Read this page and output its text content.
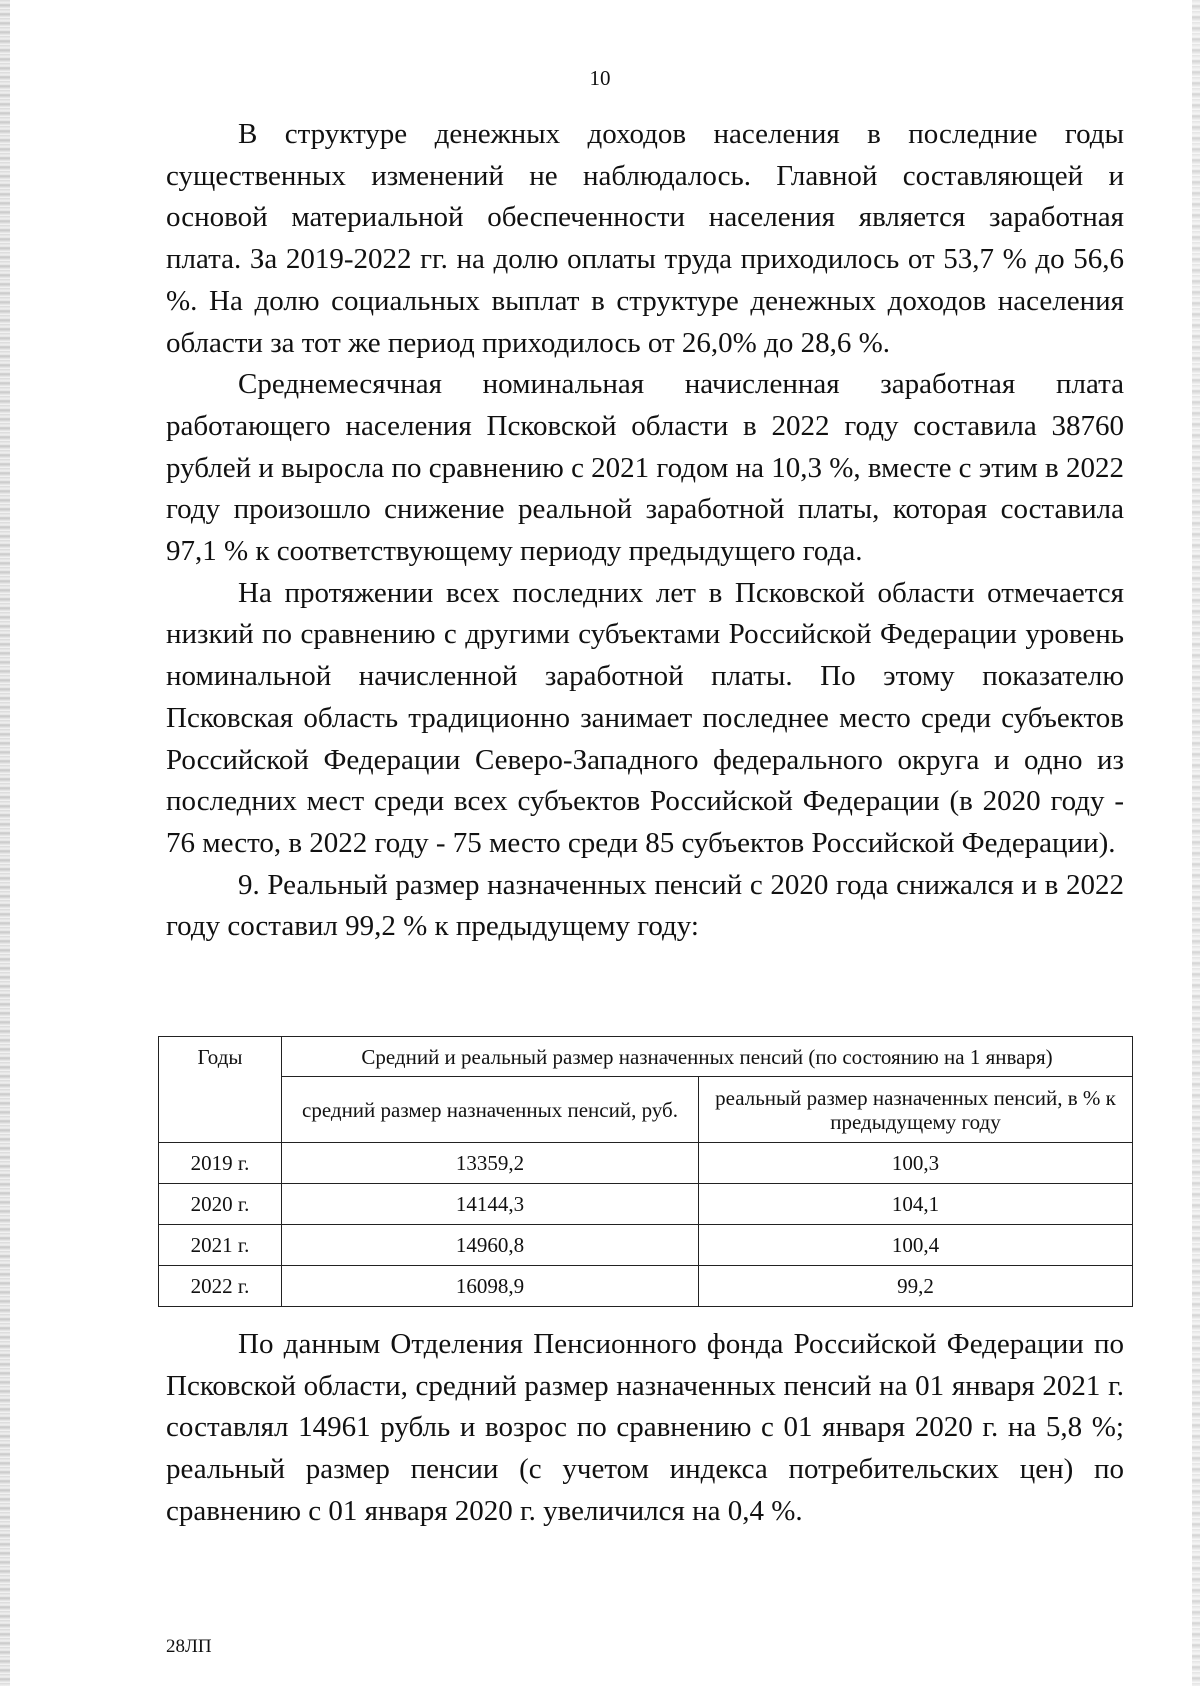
10

В структуре денежных доходов населения в последние годы существенных изменений не наблюдалось. Главной составляющей и основой материальной обеспеченности населения является заработная плата. За 2019-2022 гг. на долю оплаты труда приходилось от 53,7 % до 56,6 %. На долю социальных выплат в структуре денежных доходов населения области за тот же период приходилось от 26,0% до 28,6 %.

Среднемесячная номинальная начисленная заработная плата работающего населения Псковской области в 2022 году составила 38760 рублей и выросла по сравнению с 2021 годом на 10,3 %, вместе с этим в 2022 году произошло снижение реальной заработной платы, которая составила 97,1 % к соответствующему периоду предыдущего года.

На протяжении всех последних лет в Псковской области отмечается низкий по сравнению с другими субъектами Российской Федерации уровень номинальной начисленной заработной платы. По этому показателю Псковская область традиционно занимает последнее место среди субъектов Российской Федерации Северо-Западного федерального округа и одно из последних мест среди всех субъектов Российской Федерации (в 2020 году - 76 место, в 2022 году - 75 место среди 85 субъектов Российской Федерации).

9. Реальный размер назначенных пенсий с 2020 года снижался и в 2022 году составил 99,2 % к предыдущему году:

Годы	Средний и реальный размер назначенных пенсий (по состоянию на 1 января)	
	средний размер назначенных пенсий, руб.	реальный размер назначенных пенсий, в % к предыдущему году
2019 г.	13359,2	100,3
2020 г.	14144,3	104,1
2021 г.	14960,8	100,4
2022 г.	16098,9	99,2

По данным Отделения Пенсионного фонда Российской Федерации по Псковской области, средний размер назначенных пенсий на 01 января 2021 г. составлял 14961 рубль и возрос по сравнению с 01 января 2020 г. на 5,8 %; реальный размер пенсии (с учетом индекса потребительских цен) по сравнению с 01 января 2020 г. увеличился на 0,4 %.

28ЛП
